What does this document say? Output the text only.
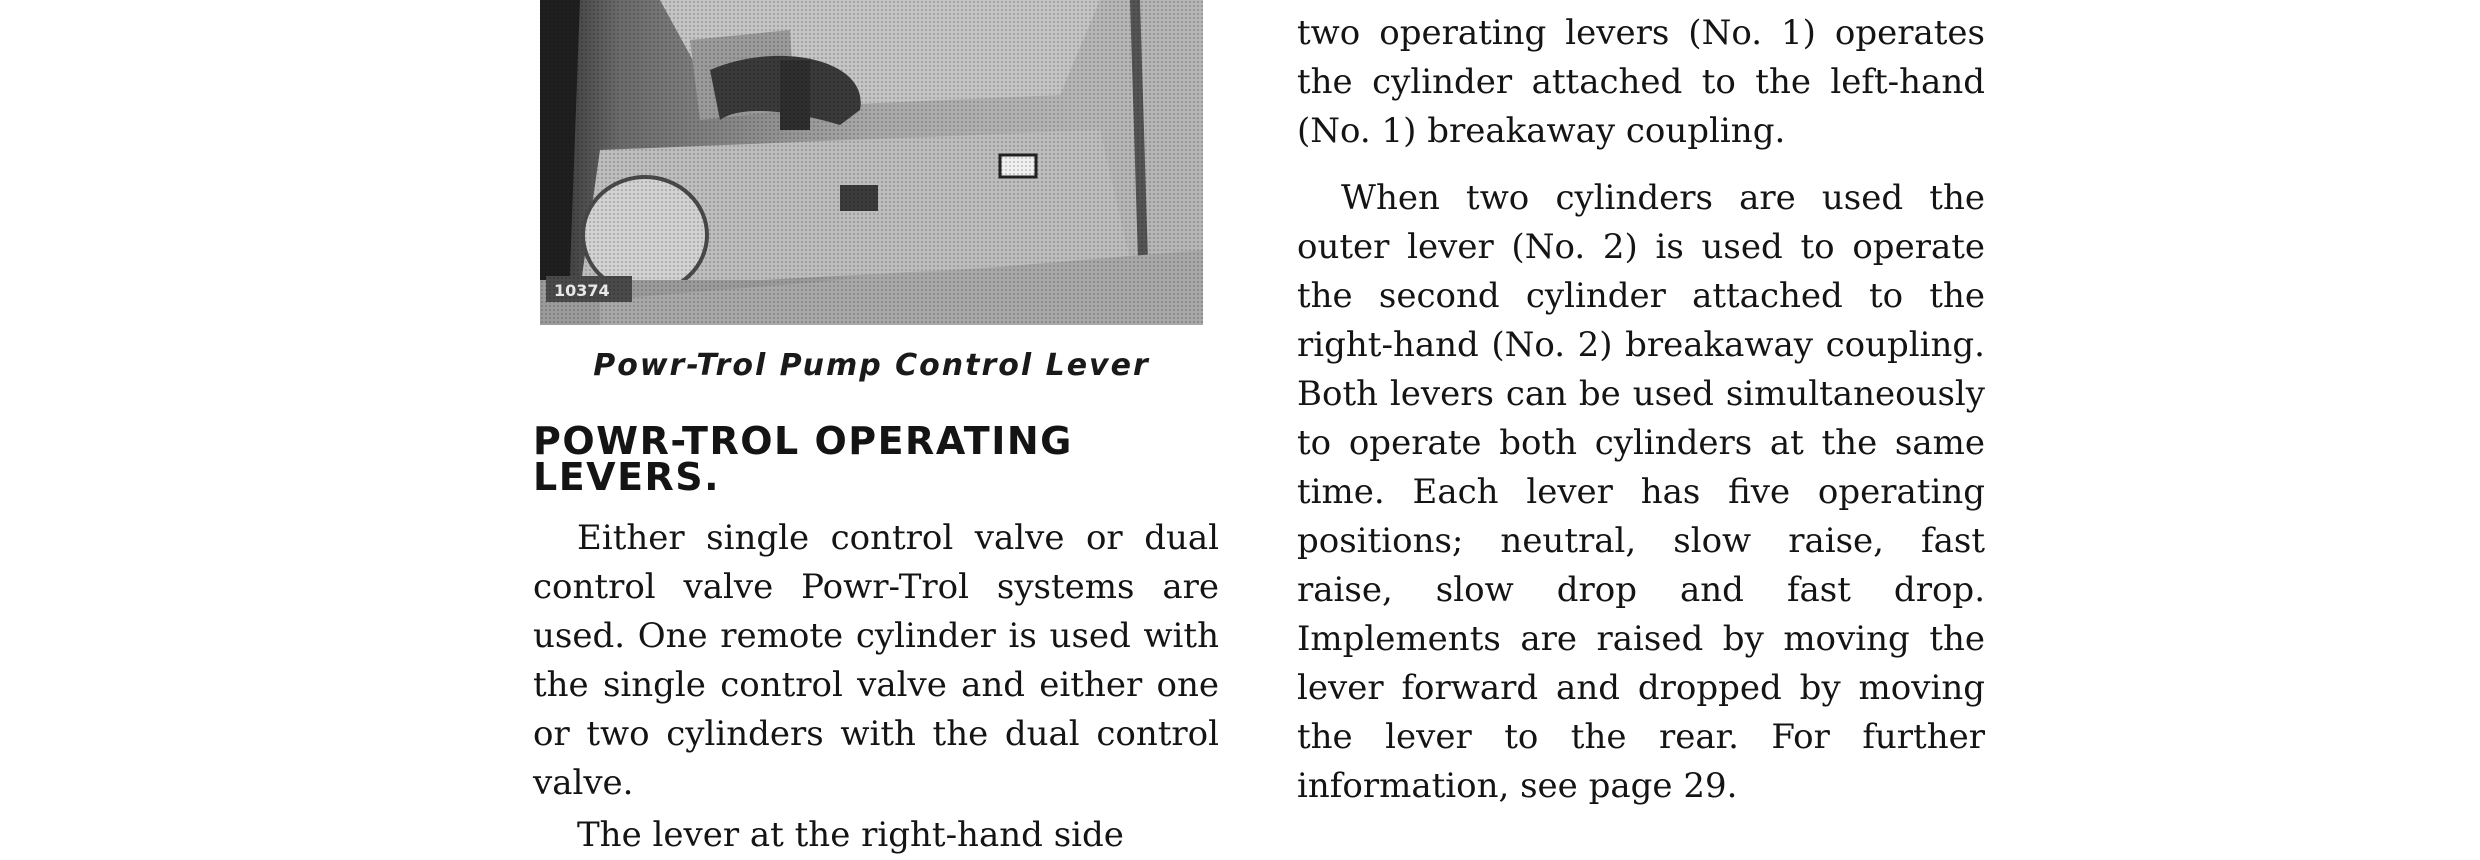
10374
Powr-Trol Pump Control Lever
POWR-TROL OPERATING LEVERS.

Either single control valve or dual control valve Powr-Trol systems are used. One remote cylinder is used with the single control valve and either one or two cylinders with the dual control valve.

The lever at the right-hand side

two operating levers (No. 1) operates the cylinder attached to the left-hand (No. 1) breakaway coupling.

When two cylinders are used the outer lever (No. 2) is used to operate the second cylinder attached to the right-hand (No. 2) breakaway coupling. Both levers can be used simultaneously to operate both cylinders at the same time. Each lever has five operating positions; neutral, slow raise, fast raise, slow drop and fast drop. Implements are raised by moving the lever forward and dropped by moving the lever to the rear. For further information, see page 29.
